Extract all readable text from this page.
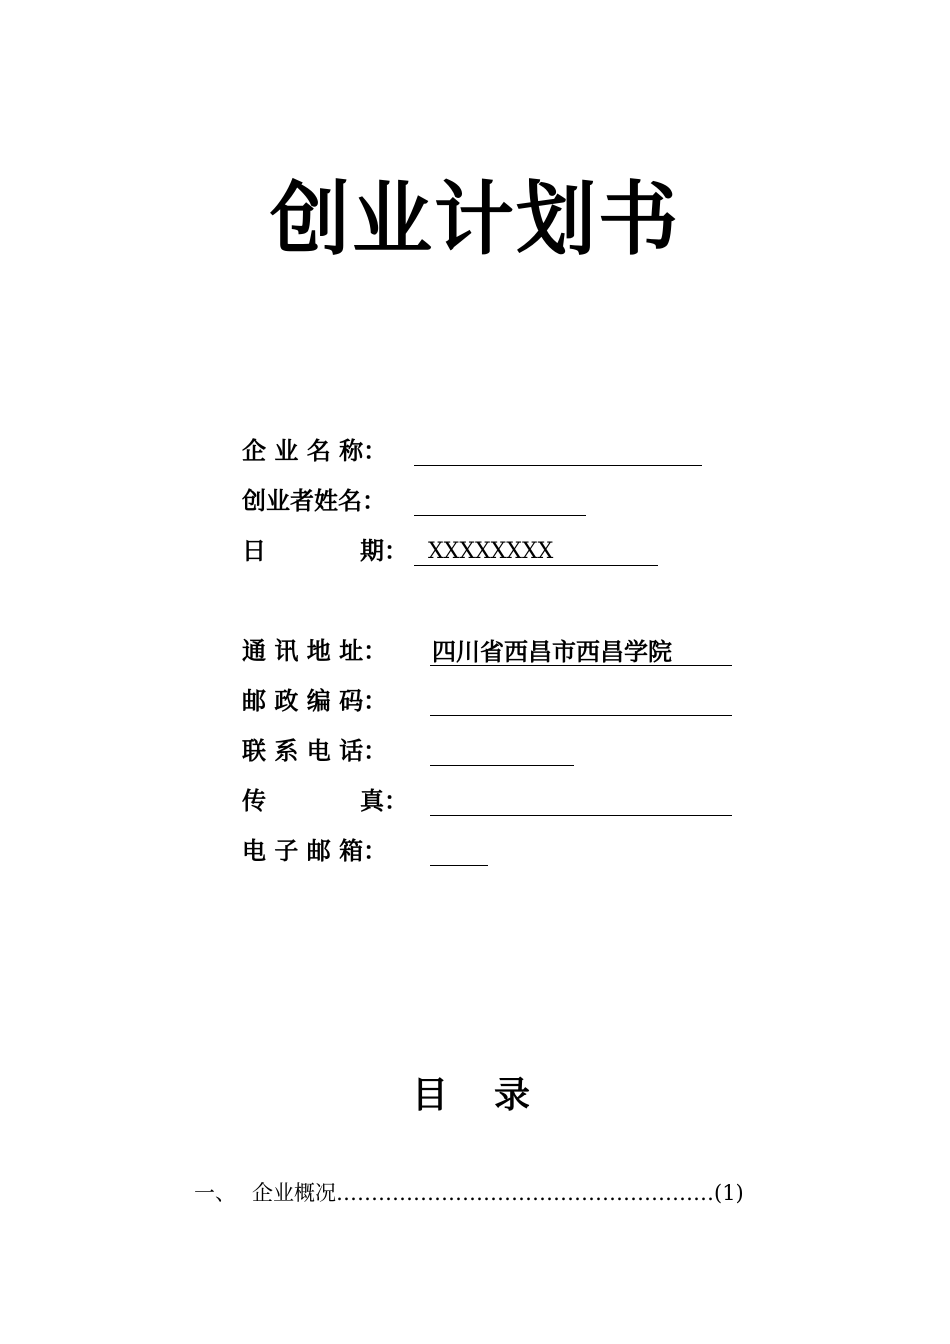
创业计划书
企 业 名 称：
创业者姓名：
日	期： XXXXXXXX
通 讯 地 址：	四川省西昌市西昌学院
邮 政 编 码：
联 系 电 话：
传	真：
电 子 邮 箱：
目录
一、 企业概况 ……………………………………………… (1)
